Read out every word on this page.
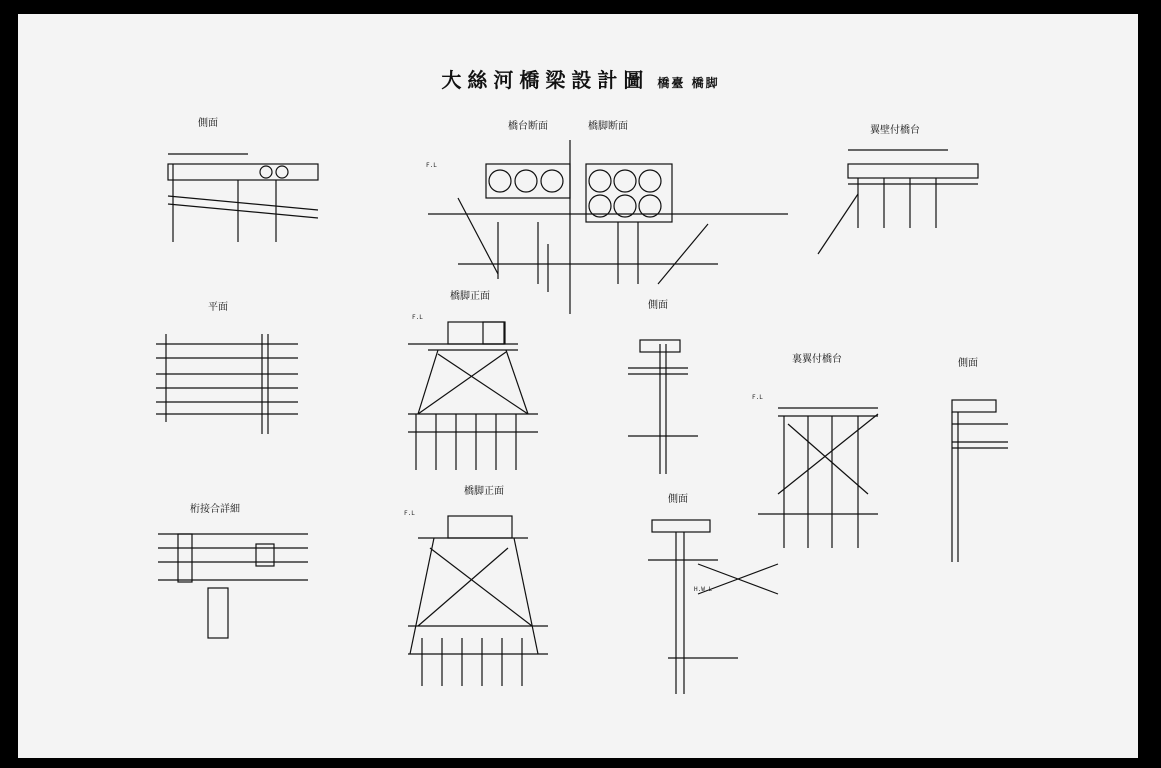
大絲河橋梁設計圖 橋臺 橋脚
側面	橋台断面	橋脚断面	翼壁付橋台
平面
橋脚正面
側面
裏翼付橋台	側面
桁接合詳細
橋脚正面
側面
F.L
F.L
F.L
F.L
H.W.L
